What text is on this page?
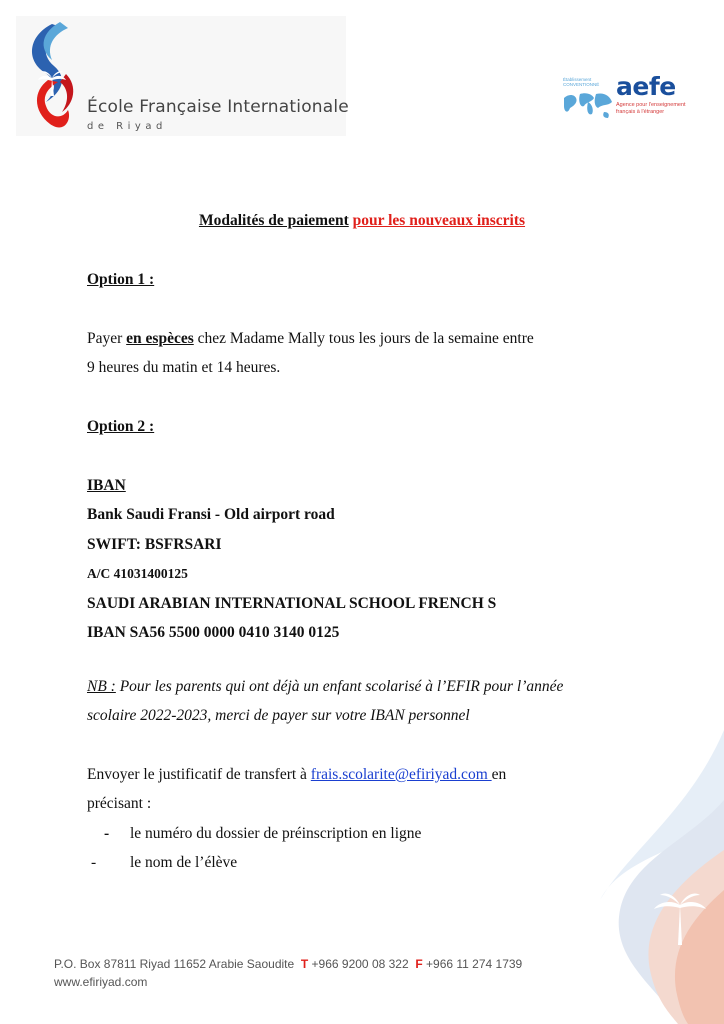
École Française Internationale
de Riyad
Établissement CONVENTIONNÉ aefe
Agence pour l'enseignement français à l'étranger
Modalités de paiement pour les nouveaux inscrits
Option 1 :
Payer en espèces chez Madame Mally tous les jours de la semaine entre
9 heures du matin et 14 heures.
Option 2 :
IBAN
Bank Saudi Fransi - Old airport road
SWIFT: BSFRSARI
A/C 41031400125
SAUDI ARABIAN INTERNATIONAL SCHOOL FRENCH S
IBAN SA56 5500 0000 0410 3140 0125
NB : Pour les parents qui ont déjà un enfant scolarisé à l’EFIR pour l’année
scolaire 2022-2023, merci de payer sur votre IBAN personnel
Envoyer le justificatif de transfert à frais.scolarite@efiriyad.com en
précisant :
- le numéro du dossier de préinscription en ligne
- le nom de l’élève
P.O. Box 87811 Riyad 11652 Arabie Saoudite T +966 9200 08 322 F +966 11 274 1739
www.efiriyad.com
